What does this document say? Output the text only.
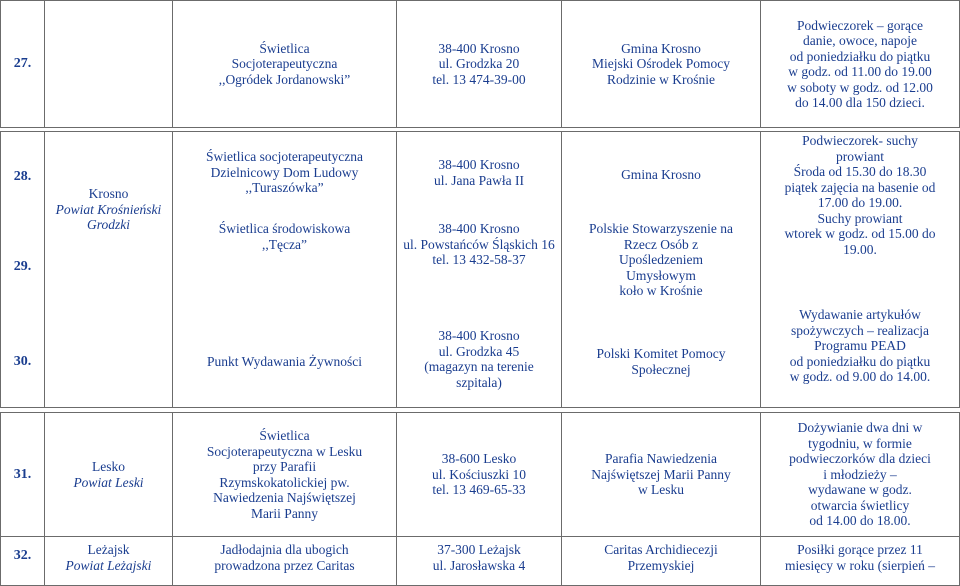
27.
Świetlica
Socjoterapeutyczna
,,Ogródek Jordanowski”
38-400 Krosno
ul. Grodzka 20
tel. 13 474-39-00
Gmina Krosno
Miejski Ośrodek Pomocy
Rodzinie w Krośnie
Podwieczorek – gorące
danie, owoce, napoje
od poniedziałku do piątku
w godz. od 11.00 do 19.00
w soboty w godz. od 12.00
do 14.00 dla 150 dzieci.
28.
29.
30.
Krosno
Powiat Krośnieński
Grodzki
Świetlica socjoterapeutyczna
Dzielnicowy Dom Ludowy
,,Turaszówka”
Świetlica środowiskowa
,,Tęcza”
Punkt Wydawania Żywności
38-400 Krosno
ul. Jana Pawła II
38-400 Krosno
ul. Powstańców Śląskich 16
tel. 13 432-58-37
38-400 Krosno
ul. Grodzka 45
(magazyn na terenie
szpitala)
Gmina Krosno
Polskie Stowarzyszenie na
Rzecz Osób z
Upośledzeniem
Umysłowym
koło w Krośnie
Polski Komitet Pomocy
Społecznej
Podwieczorek- suchy
prowiant
Środa od 15.30 do 18.30
piątek zajęcia na basenie od
17.00 do 19.00.
Suchy prowiant
wtorek w godz. od 15.00 do
19.00.
Wydawanie artykułów
spożywczych – realizacja
Programu PEAD
od poniedziałku do piątku
w godz. od 9.00 do 14.00.
31.
Lesko
Powiat Leski
Świetlica
Socjoterapeutyczna w Lesku
przy Parafii
Rzymskokatolickiej pw.
Nawiedzenia Najświętszej
Marii Panny
38-600 Lesko
ul. Kościuszki 10
tel. 13 469-65-33
Parafia Nawiedzenia
Najświętszej Marii Panny
w Lesku
Dożywianie dwa dni w
tygodniu, w formie
podwieczorków dla dzieci
i młodzieży –
wydawane w godz.
otwarcia świetlicy
od 14.00 do 18.00.
32.	Leżajsk
Powiat Leżajski
Jadłodajnia dla ubogich
prowadzona przez Caritas
37-300 Leżajsk
ul. Jarosławska 4
Caritas Archidiecezji
Przemyskiej
Posiłki gorące przez 11
miesięcy w roku (sierpień –
